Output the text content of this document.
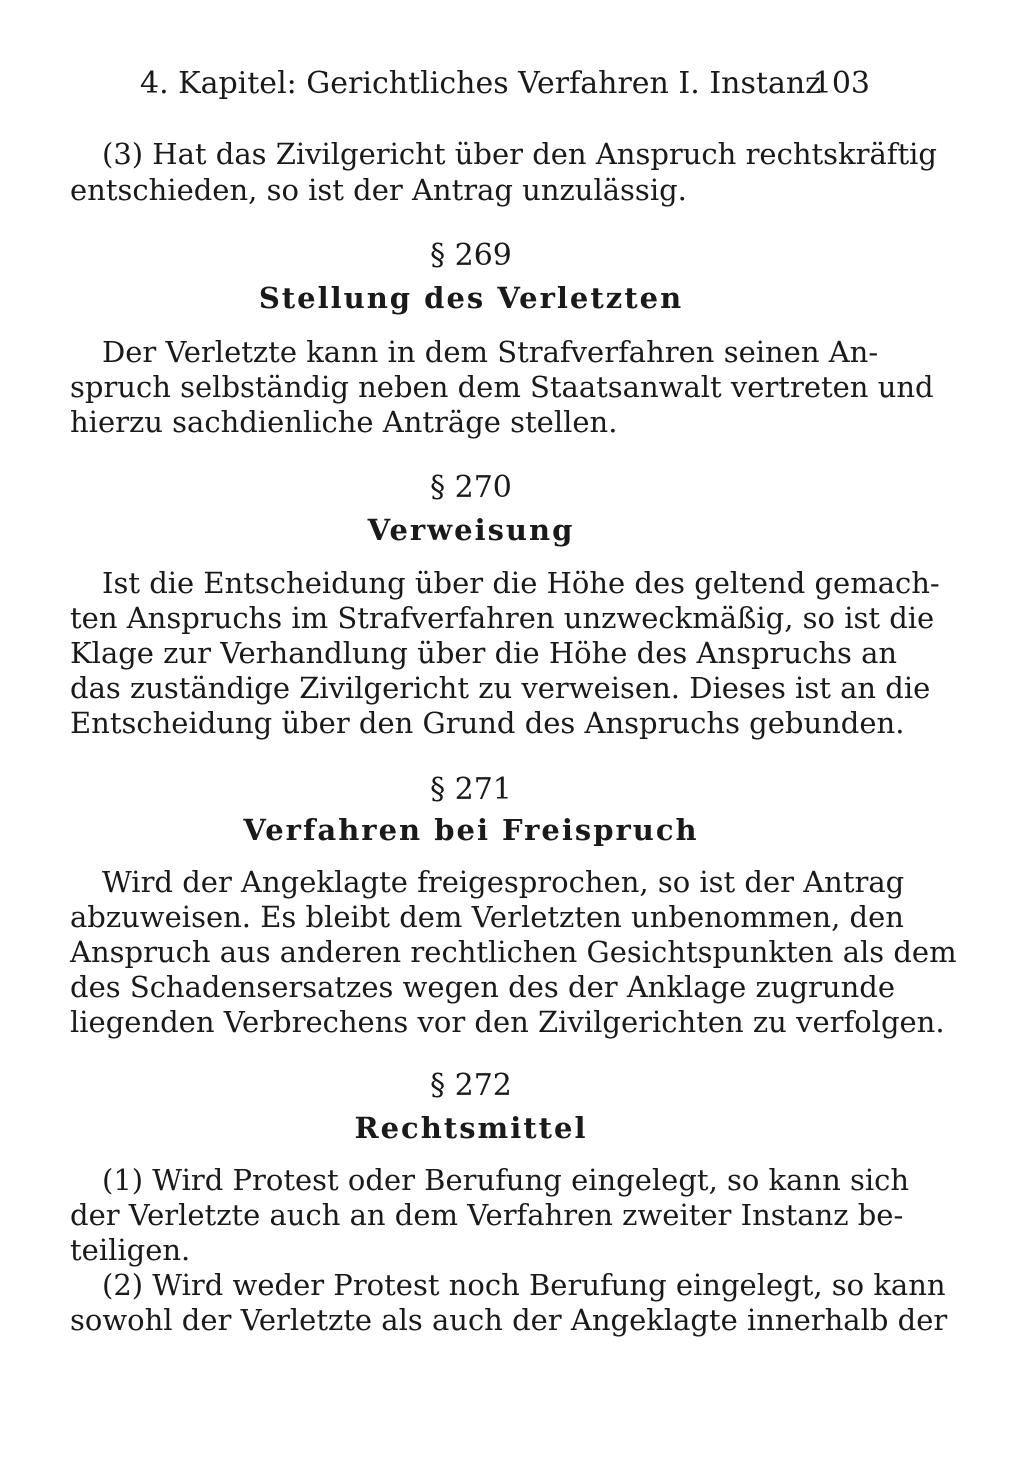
4. Kapitel: Gerichtliches Verfahren I. Instanz
103
(3) Hat das Zivilgericht über den Anspruch rechtskräftig
entschieden, so ist der Antrag unzulässig.
§ 269
Stellung des Verletzten
Der Verletzte kann in dem Strafverfahren seinen An-
spruch selbständig neben dem Staatsanwalt vertreten und
hierzu sachdienliche Anträge stellen.
§ 270
Verweisung
Ist die Entscheidung über die Höhe des geltend gemach-
ten Anspruchs im Strafverfahren unzweckmäßig, so ist die
Klage zur Verhandlung über die Höhe des Anspruchs an
das zuständige Zivilgericht zu verweisen. Dieses ist an die
Entscheidung über den Grund des Anspruchs gebunden.
§ 271
Verfahren bei Freispruch
Wird der Angeklagte freigesprochen, so ist der Antrag
abzuweisen. Es bleibt dem Verletzten unbenommen, den
Anspruch aus anderen rechtlichen Gesichtspunkten als dem
des Schadensersatzes wegen des der Anklage zugrunde
liegenden Verbrechens vor den Zivilgerichten zu verfolgen.
§ 272
Rechtsmittel
(1) Wird Protest oder Berufung eingelegt, so kann sich
der Verletzte auch an dem Verfahren zweiter Instanz be-
teiligen.
(2) Wird weder Protest noch Berufung eingelegt, so kann
sowohl der Verletzte als auch der Angeklagte innerhalb der
